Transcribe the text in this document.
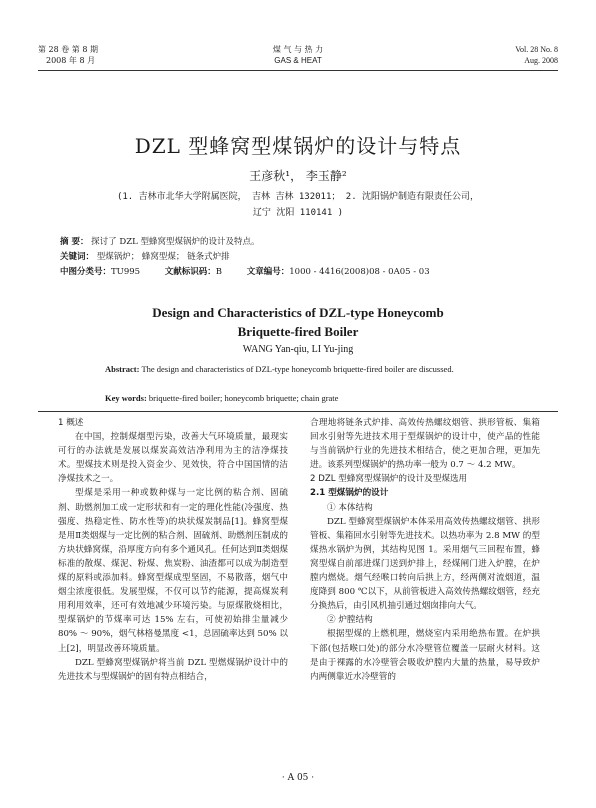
第 28 卷 第 8 期
2008 年 8 月
煤 气 与 热 力
GAS & HEAT
Vol. 28 No. 8
Aug. 2008
DZL 型蜂窝型煤锅炉的设计与特点
王彦秋¹， 李玉静²
(1. 吉林市北华大学附属医院， 吉林 吉林 132011； 2. 沈阳锅炉制造有限责任公司，
辽宁 沈阳 110141 )
摘 要： 探讨了 DZL 型蜂窝型煤锅炉的设计及特点。
关键词： 型煤锅炉； 蜂窝型煤； 链条式炉排
中图分类号：TU995	文献标识码：B	文章编号：1000 - 4416(2008)08 - 0A05 - 03
Design and Characteristics of DZL-type Honeycomb
Briquette-fired Boiler
WANG Yan-qiu, LI Yu-jing
Abstract: The design and characteristics of DZL-type honeycomb briquette-fired boiler are discussed.
Key words: briquette-fired boiler; honeycomb briquette; chain grate

1 概述

在中国，控制煤烟型污染，改善大气环境质量，最现实可行的办法就是发展以煤炭高效洁净利用为主的洁净煤技术。型煤技术则是投入资金少、见效快，符合中国国情的洁净煤技术之一。

型煤是采用一种或数种煤与一定比例的粘合剂、固硫剂、助燃剂加工成一定形状和有一定的理化性能(冷强度、热强度、热稳定性、防水性等)的块状煤炭制品[1]。蜂窝型煤是用Ⅱ类烟煤与一定比例的粘合剂、固硫剂、助燃剂压制成的方块状蜂窝煤，沿厚度方向有多个通风孔。任何达到Ⅱ类烟煤标准的散煤、煤泥、粉煤、焦炭粉、油渣都可以成为制造型煤的原料或添加料。蜂窝型煤成型坚固，不易散落，烟气中烟尘浓度很低。发展型煤，不仅可以节约能源，提高煤炭利用利用效率，还可有效地减少环境污染。与原煤散烧相比，型煤锅炉的节煤率可达 15% 左右，可使初始排尘量减少 80% ～ 90%，烟气林格曼黑度 <1，总固硫率达到 50% 以上[2]，明显改善环境质量。

DZL 型蜂窝型煤锅炉将当前 DZL 型燃煤锅炉设计中的先进技术与型煤锅炉的固有特点相结合，

合理地将链条式炉排、高效传热螺纹烟管、拱形管板、集箱回水引射等先进技术用于型煤锅炉的设计中，使产品的性能与当前锅炉行业的先进技术相结合，使之更加合理，更加先进。该系列型煤锅炉的热功率一般为 0.7 ～ 4.2 MW。

2 DZL 型蜂窝型煤锅炉的设计及型煤选用

2.1 型煤锅炉的设计

① 本体结构

DZL 型蜂窝型煤锅炉本体采用高效传热螺纹烟管、拱形管板、集箱回水引射等先进技术。以热功率为 2.8 MW 的型煤热水锅炉为例，其结构见图 1。采用烟气三回程布置，蜂窝型煤自前部进煤门送到炉排上，经煤闸门进入炉膛，在炉膛内燃烧。烟气经喉口转向后拱上方，经两侧对流烟道，温度降到 800 ℃以下，从前管板进入高效传热螺纹烟管，经充分换热后，由引风机抽引通过烟囱排向大气。

② 炉膛结构

根据型煤的上燃机理，燃烧室内采用绝热布置。在炉拱下部(包括喉口处)的部分水冷壁管位覆盖一层耐火材料。这是由于裸露的水冷壁管会吸收炉膛内大量的热量，易导致炉内两侧靠近水冷壁管的

· A 05 ·
